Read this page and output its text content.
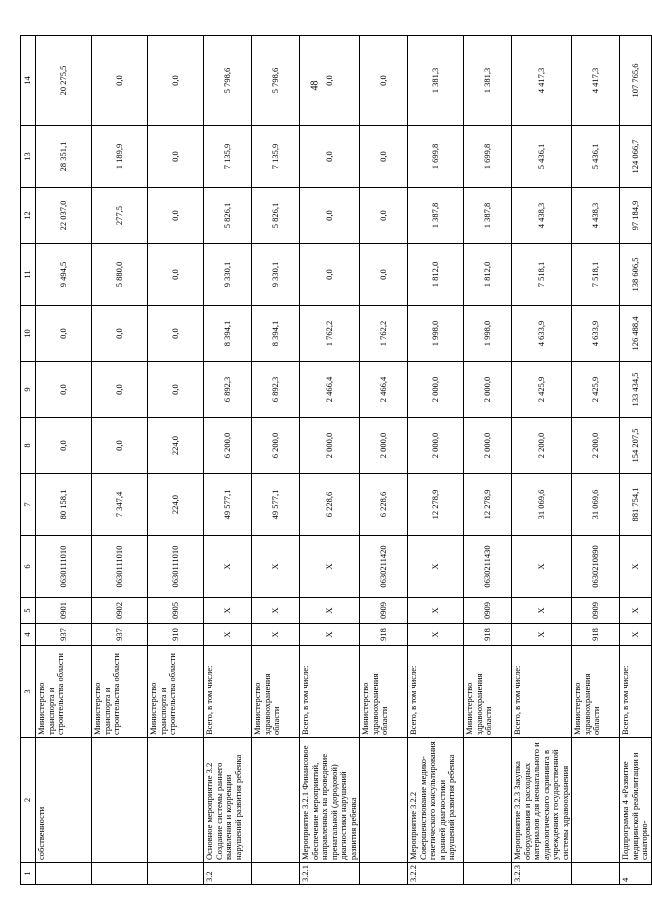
48
1	2	3	4	5	6	7	8	9	10	11	12	13	14
	собственности	Министерство транспорта и строительства области	937	0901	0630111010	80 158,1	0,0	0,0	0,0	9 494,5	22 037,0	28 351,1	20 275,5
		Министерство транспорта и строительства области	937	0902	0630111010	7 347,4	0,0	0,0	0,0	5 880,0	277,5	1 189,9	0,0
		Министерство транспорта и строительства области	910	0905	0630111010	224,0	224,0	0,0	0,0	0,0	0,0	0,0	0,0
3.2	Основное мероприятие 3.2 Создание системы раннего выявления и коррекции нарушений развития ребенка	Всего, в том числе:	X	X	X	49 577,1	6 200,0	6 892,3	8 394,1	9 330,1	5 826,1	7 135,9	5 798,6
		Министерство здравоохранения области	X	X	X	49 577,1	6 200,0	6 892,3	8 394,1	9 330,1	5 826,1	7 135,9	5 798,6
3.2.1	Мероприятие 3.2.1 Финансовое обеспечение мероприятий, направленных на проведение пренатальной (дородовой) диагностики нарушений развития ребенка	Всего, в том числе:	X	X	X	6 228,6	2 000,0	2 466,4	1 762,2	0,0	0,0	0,0	0,0
		Министерство здравоохранения области	918	0909	0630211420	6 228,6	2 000,0	2 466,4	1 762,2	0,0	0,0	0,0	0,0
3.2.2	Мероприятие 3.2.2 Совершенствование медико-генетического консультирования и ранней диагностики нарушений развития ребенка	Всего, в том числе:	X	X	X	12 278,9	2 000,0	2 000,0	1 998,0	1 812,0	1 387,8	1 699,8	1 381,3
		Министерство здравоохранения области	918	0909	0630211430	12 278,9	2 000,0	2 000,0	1 998,0	1 812,0	1 387,8	1 699,8	1 381,3
3.2.3	Мероприятие 3.2.3 Закупка оборудования и расходных материалов для неонатального и аудиологического скрининга в учреждениях государственной системы здравоохранения	Всего, в том числе:	X	X	X	31 069,6	2 200,0	2 425,9	4 633,9	7 518,1	4 438,3	5 436,1	4 417,3
		Министерство здравоохранения области	918	0909	0630210890	31 069,6	2 200,0	2 425,9	4 633,9	7 518,1	4 438,3	5 436,1	4 417,3
4	Подпрограмма 4 «Развитие медицинской реабилитации и санаторно-	Всего, в том числе:	X	X	X	881 754,1	154 207,5	133 434,5	126 488,4	138 606,5	97 184,9	124 066,7	107 765,6
